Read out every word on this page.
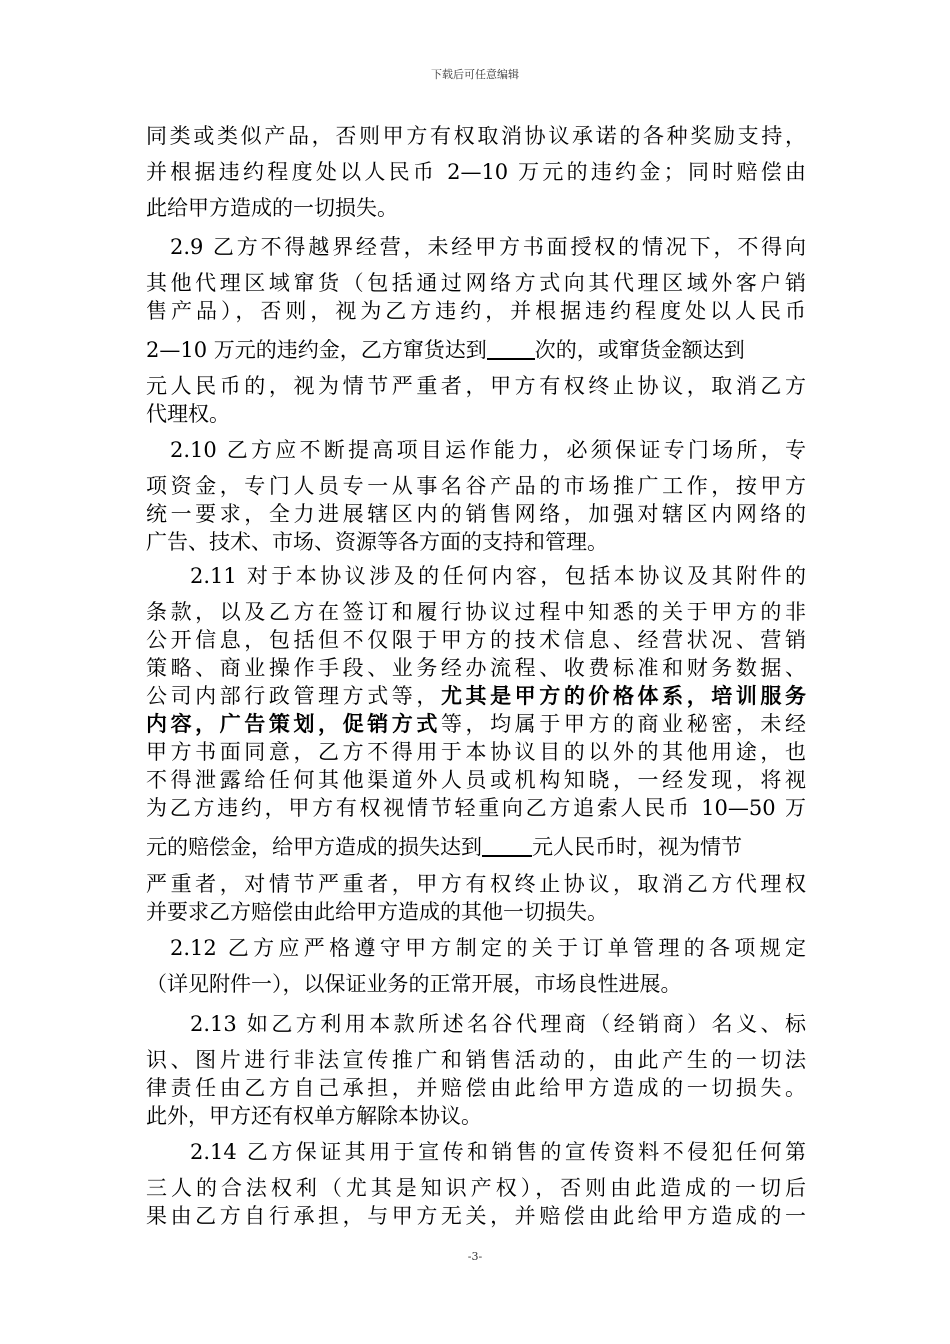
下载后可任意编辑
同类或类似产品，否则甲方有权取消协议承诺的各种奖励支持，
并根据违约程度处以人民币 2—10 万元的违约金；同时赔偿由
此给甲方造成的一切损失。
2.9 乙方不得越界经营，未经甲方书面授权的情况下，不得向
其他代理区域窜货（包括通过网络方式向其代理区域外客户销
售产品），否则，视为乙方违约，并根据违约程度处以人民币
2—10 万元的违约金，乙方窜货达到 次的，或窜货金额达到
元人民币的，视为情节严重者，甲方有权终止协议，取消乙方
代理权。
2.10 乙方应不断提高项目运作能力，必须保证专门场所，专
项资金，专门人员专一从事名谷产品的市场推广工作，按甲方
统一要求，全力进展辖区内的销售网络，加强对辖区内网络的
广告、技术、市场、资源等各方面的支持和管理。
2.11 对于本协议涉及的任何内容，包括本协议及其附件的
条款，以及乙方在签订和履行协议过程中知悉的关于甲方的非
公开信息，包括但不仅限于甲方的技术信息、经营状况、营销
策略、商业操作手段、业务经办流程、收费标准和财务数据、
公司内部行政管理方式等，尤其是甲方的价格体系，培训服务
内容，广告策划，促销方式等，均属于甲方的商业秘密，未经
甲方书面同意，乙方不得用于本协议目的以外的其他用途，也
不得泄露给任何其他渠道外人员或机构知晓，一经发现，将视
为乙方违约，甲方有权视情节轻重向乙方追索人民币 10—50 万
元的赔偿金，给甲方造成的损失达到 元人民币时，视为情节
严重者，对情节严重者，甲方有权终止协议，取消乙方代理权
并要求乙方赔偿由此给甲方造成的其他一切损失。
2.12 乙方应严格遵守甲方制定的关于订单管理的各项规定
（详见附件一），以保证业务的正常开展，市场良性进展。
2.13 如乙方利用本款所述名谷代理商（经销商）名义、标
识、图片进行非法宣传推广和销售活动的，由此产生的一切法
律责任由乙方自己承担，并赔偿由此给甲方造成的一切损失。
此外，甲方还有权单方解除本协议。
2.14 乙方保证其用于宣传和销售的宣传资料不侵犯任何第
三人的合法权利（尤其是知识产权），否则由此造成的一切后
果由乙方自行承担，与甲方无关，并赔偿由此给甲方造成的一
-3-
